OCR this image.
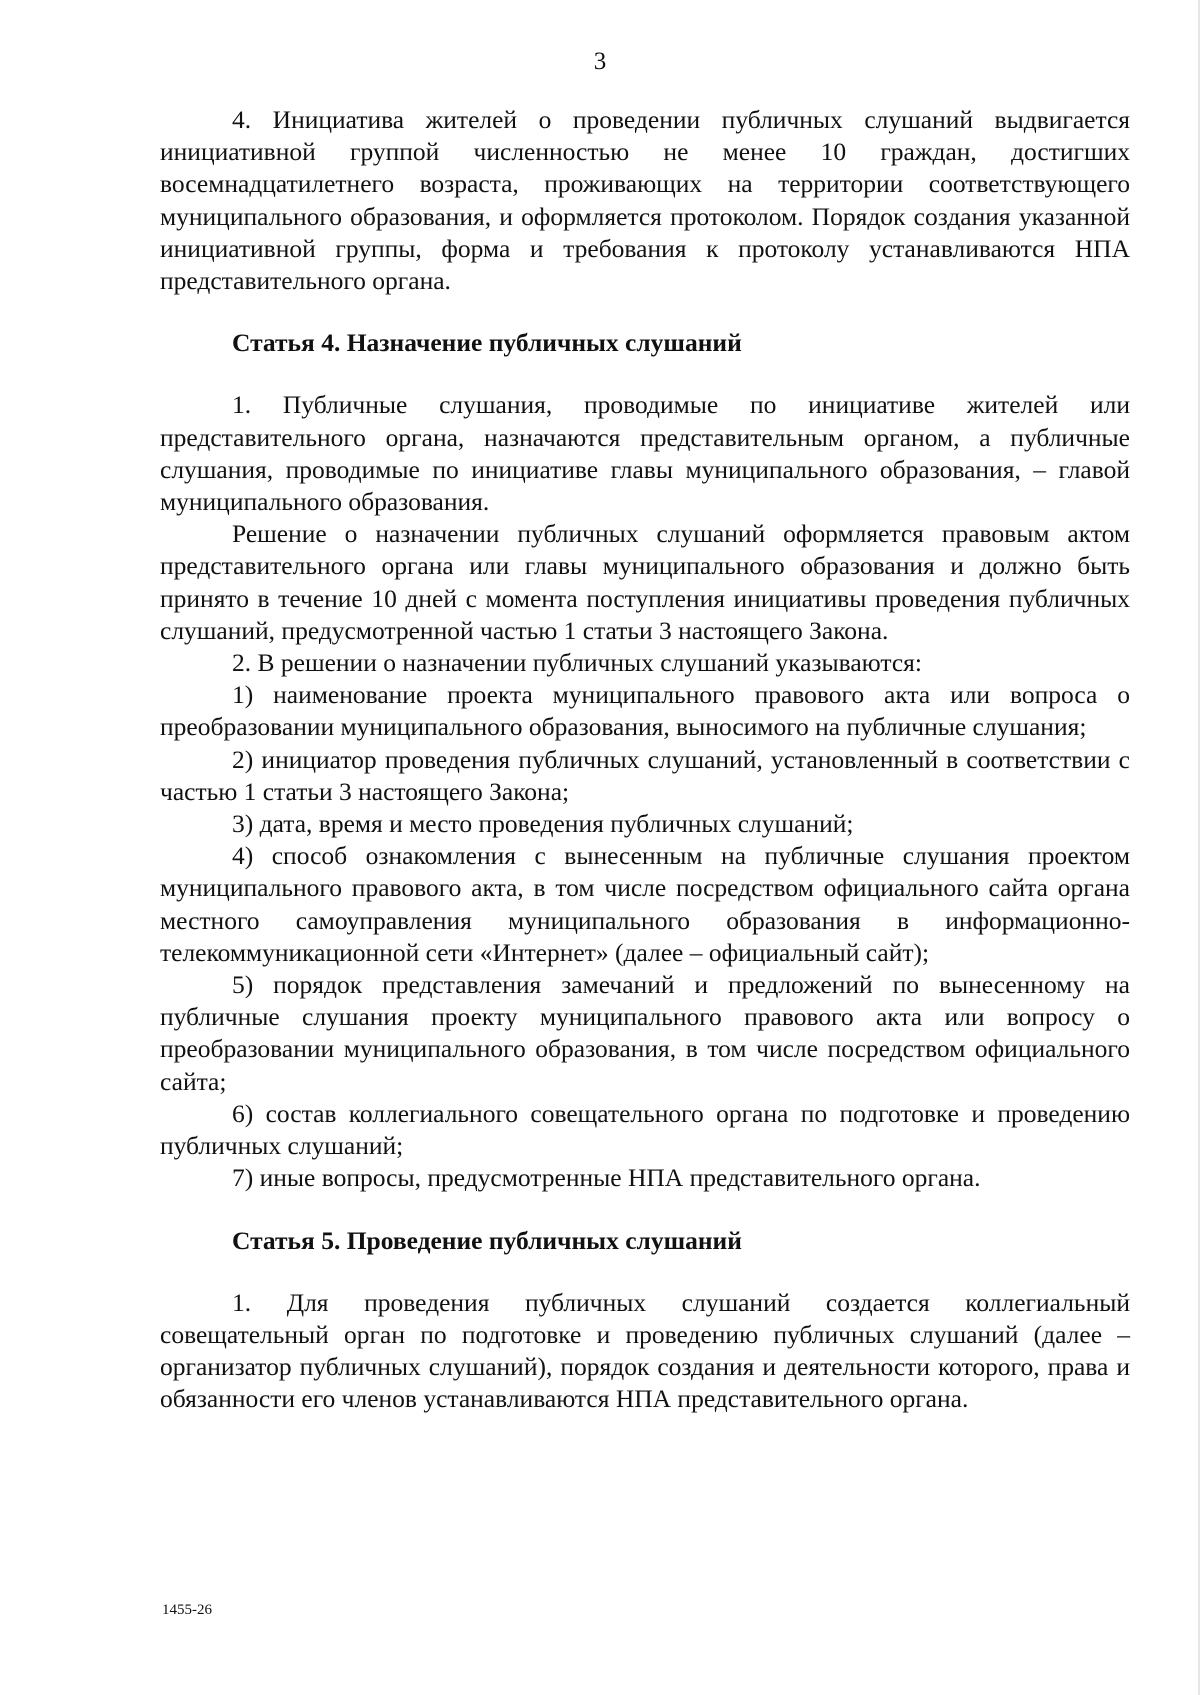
3

4. Инициатива жителей о проведении публичных слушаний выдвигается инициативной группой численностью не менее 10 граждан, достигших восемнадцатилетнего возраста, проживающих на территории соответствующего муниципального образования, и оформляется протоколом. Порядок создания указанной инициативной группы, форма и требования к протоколу устанавливаются НПА представительного органа.

Статья 4. Назначение публичных слушаний

1. Публичные слушания, проводимые по инициативе жителей или представительного органа, назначаются представительным органом, а публичные слушания, проводимые по инициативе главы муниципального образования, – главой муниципального образования.

Решение о назначении публичных слушаний оформляется правовым актом представительного органа или главы муниципального образования и должно быть принято в течение 10 дней с момента поступления инициативы проведения публичных слушаний, предусмотренной частью 1 статьи 3 настоящего Закона.

2. В решении о назначении публичных слушаний указываются:

1) наименование проекта муниципального правового акта или вопроса о преобразовании муниципального образования, выносимого на публичные слушания;

2) инициатор проведения публичных слушаний, установленный в соответствии с частью 1 статьи 3 настоящего Закона;

3) дата, время и место проведения публичных слушаний;

4) способ ознакомления с вынесенным на публичные слушания проектом муниципального правового акта, в том числе посредством официального сайта органа местного самоуправления муниципального образования в информационно-телекоммуникационной сети «Интернет» (далее – официальный сайт);

5) порядок представления замечаний и предложений по вынесенному на публичные слушания проекту муниципального правового акта или вопросу о преобразовании муниципального образования, в том числе посредством официального сайта;

6) состав коллегиального совещательного органа по подготовке и проведению публичных слушаний;

7) иные вопросы, предусмотренные НПА представительного органа.

Статья 5. Проведение публичных слушаний

1. Для проведения публичных слушаний создается коллегиальный совещательный орган по подготовке и проведению публичных слушаний (далее – организатор публичных слушаний), порядок создания и деятельности которого, права и обязанности его членов устанавливаются НПА представительного органа.

1455-26
